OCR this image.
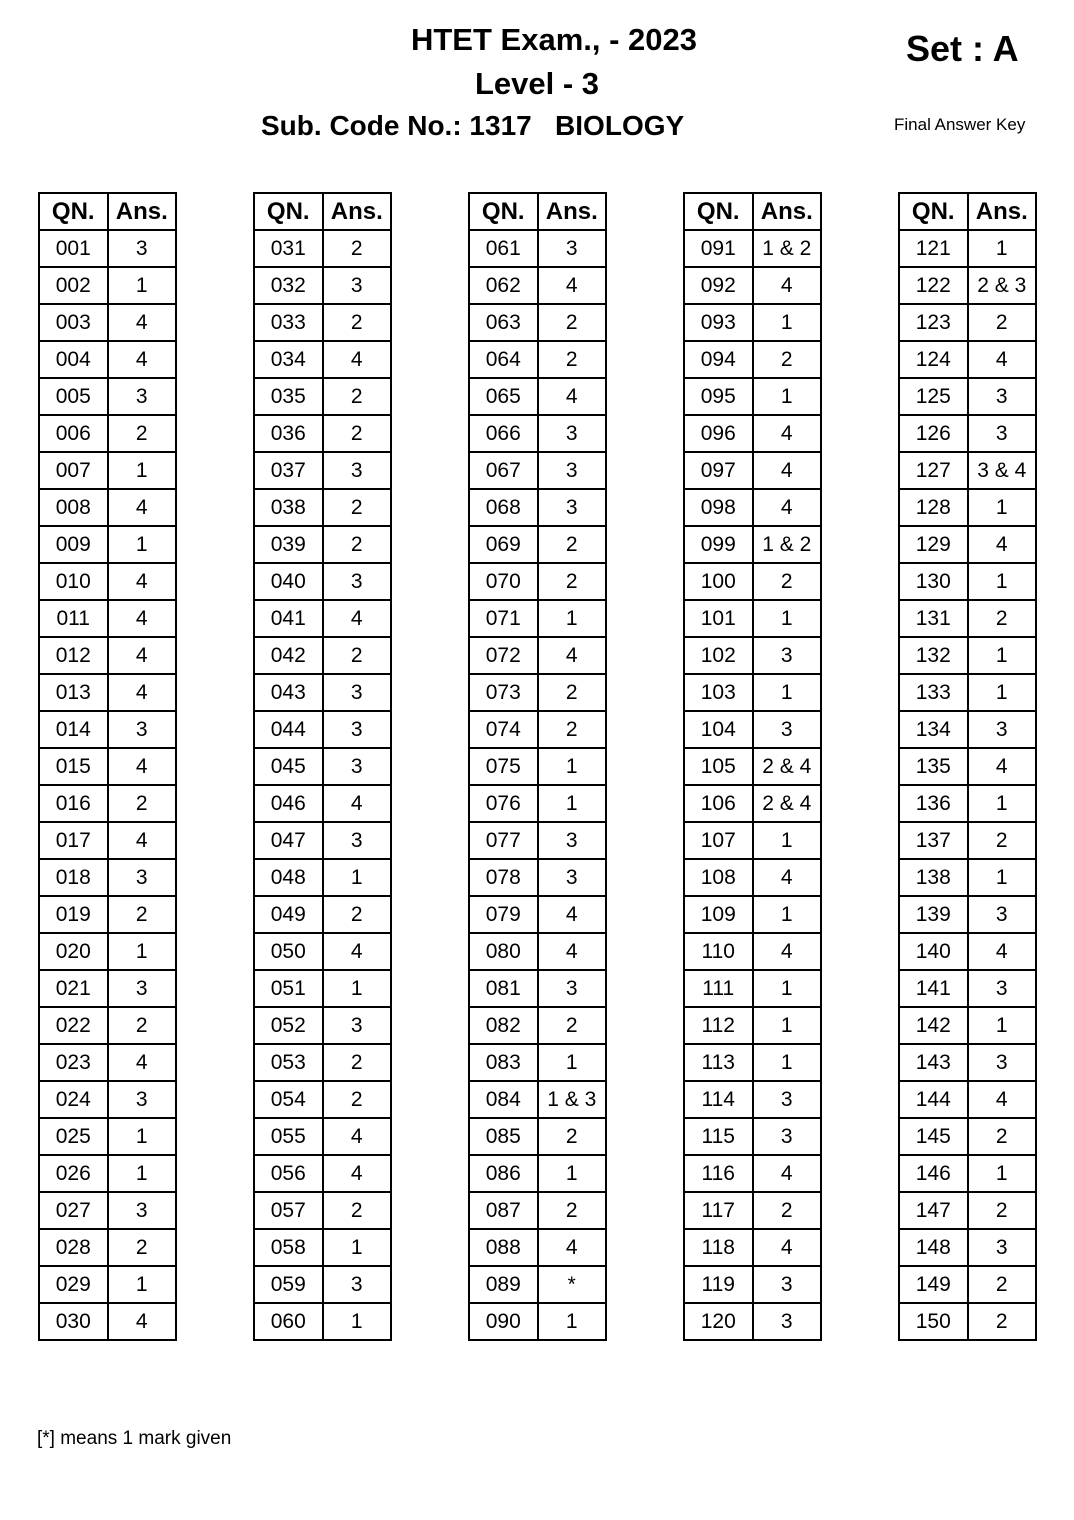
HTET Exam., - 2023
Level - 3
Sub. Code No.: 1317   BIOLOGY
Set : A
Final Answer Key
QN.	Ans.
001	3
002	1
003	4
004	4
005	3
006	2
007	1
008	4
009	1
010	4
011	4
012	4
013	4
014	3
015	4
016	2
017	4
018	3
019	2
020	1
021	3
022	2
023	4
024	3
025	1
026	1
027	3
028	2
029	1
030	4
QN.	Ans.
031	2
032	3
033	2
034	4
035	2
036	2
037	3
038	2
039	2
040	3
041	4
042	2
043	3
044	3
045	3
046	4
047	3
048	1
049	2
050	4
051	1
052	3
053	2
054	2
055	4
056	4
057	2
058	1
059	3
060	1
QN.	Ans.
061	3
062	4
063	2
064	2
065	4
066	3
067	3
068	3
069	2
070	2
071	1
072	4
073	2
074	2
075	1
076	1
077	3
078	3
079	4
080	4
081	3
082	2
083	1
084	1 & 3
085	2
086	1
087	2
088	4
089	*
090	1
QN.	Ans.
091	1 & 2
092	4
093	1
094	2
095	1
096	4
097	4
098	4
099	1 & 2
100	2
101	1
102	3
103	1
104	3
105	2 & 4
106	2 & 4
107	1
108	4
109	1
110	4
111	1
112	1
113	1
114	3
115	3
116	4
117	2
118	4
119	3
120	3
QN.	Ans.
121	1
122	2 & 3
123	2
124	4
125	3
126	3
127	3 & 4
128	1
129	4
130	1
131	2
132	1
133	1
134	3
135	4
136	1
137	2
138	1
139	3
140	4
141	3
142	1
143	3
144	4
145	2
146	1
147	2
148	3
149	2
150	2
[*] means 1 mark given
